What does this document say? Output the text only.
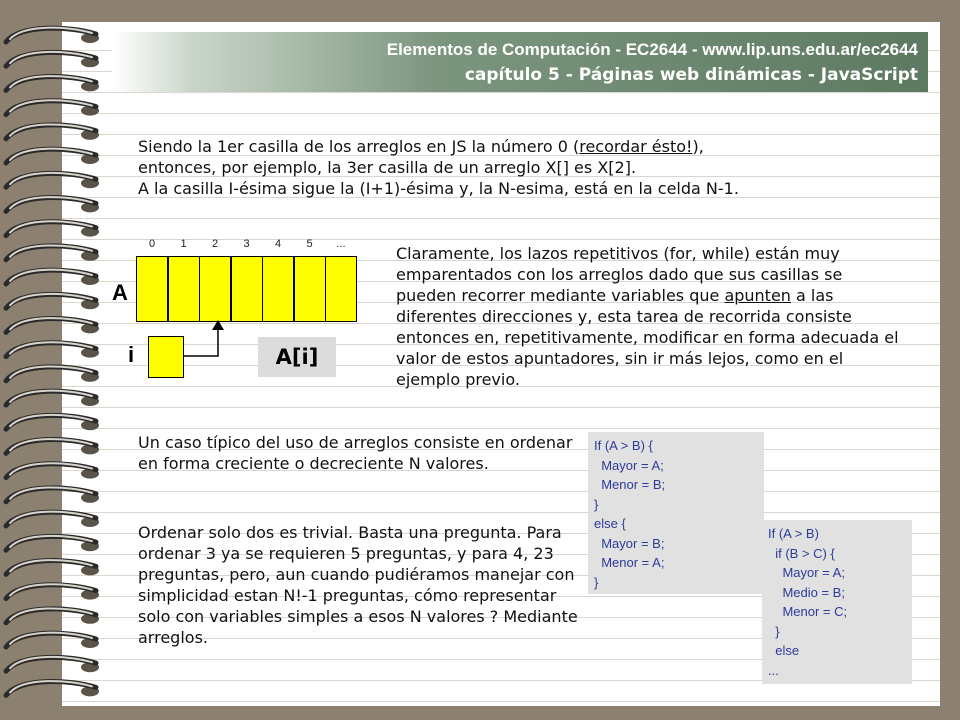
Elementos de Computación - EC2644 - www.lip.uns.edu.ar/ec2644
capítulo 5 - Páginas web dinámicas - JavaScript
Siendo la 1er casilla de los arreglos en JS la número 0 (recordar ésto!),
entonces, por ejemplo, la 3er casilla de un arreglo X[] es X[2].
A la casilla I-ésima sigue la (I+1)-ésima y, la N-esima, está en la celda N-1.
0	1	2	3	4	5	...
A
i	A[i]
Claramente, los lazos repetitivos (for, while) están muy emparentados con los arreglos dado que sus casillas se pueden recorrer mediante variables que apunten a las diferentes direcciones y, esta tarea de recorrida consiste entonces en, repetitivamente, modificar en forma adecuada el valor de estos apuntadores, sin ir más lejos, como en el ejemplo previo.
Un caso típico del uso de arreglos consiste en ordenar en forma creciente o decreciente N valores.
Ordenar solo dos es trivial. Basta una pregunta. Para ordenar 3 ya se requieren 5 preguntas, y para 4, 23 preguntas, pero, aun cuando pudiéramos manejar con simplicidad estan N!-1 preguntas, cómo representar solo con variables simples a esos N valores ? Mediante arreglos.
If (A > B) {
Mayor = A;
Menor = B;
}
else {
Mayor = B;
Menor = A;
}
If (A > B)
if (B > C) {
Mayor = A;
Medio = B;
Menor = C;
}
else
...
